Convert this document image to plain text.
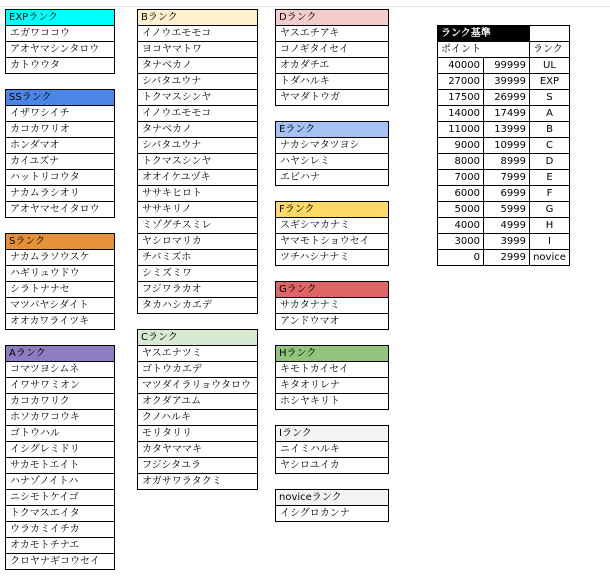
EXPランク
エガワココウ
アオヤマシンタロウ
カトウウタ
SSランク
イザワシイチ
カコカワリオ
ホンダマオ
カイユズナ
ハットリコウタ
ナカムラシオリ
アオヤマセイタロウ
Sランク
ナカムラソウスケ
ハギリュウドウ
シラトナナセ
マツバヤシダイト
オオカワライツキ
Aランク
コマツヨシムネ
イワサワミオン
カコカワリク
ホソカワコウキ
ゴトウハル
イシグレミドリ
サカモトエイト
ハナゾノイトハ
ニシモトケイゴ
トクマスエイタ
ウラカミイチカ
オカモトチナエ
クロヤナギコウセイ
Bランク
イノウエモモコ
ヨコヤマトワ
タナベカノ
シバタユウナ
トクマスシンヤ
イノウエモモコ
タナベカノ
シバタユウナ
トクマスシンヤ
オオイケユヅキ
ササキヒロト
ササキリノ
ミゾグチスミレ
ヤシロマリカ
チバミズホ
シミズミワ
フジワラカオ
タカハシカエデ
Cランク
ヤスエナツミ
ゴトウカエデ
マツダイラリョウタロウ
オクダアユム
クノハルキ
モリタリリ
カタヤママキ
フジシタユラ
オガサワラタクミ
Dランク
ヤスエチアキ
コノギタイセイ
オカダチエ
トダハルキ
ヤマダトウガ
Eランク
ナカシマタツヨシ
ハヤシレミ
エビハナ
Fランク
スギシマカナミ
ヤマモトショウセイ
ツチハシナナミ
Gランク
サカタナナミ
アンドウマオ
Hランク
キモトカイセイ
キタオリレナ
ホシヤキリト
Iランク
ニイミハルキ
ヤシロユイカ
noviceランク
イシグロカンナ
ランク基準		
ポイント		ランク
40000	99999	UL
27000	39999	EXP
17500	26999	S
14000	17499	A
11000	13999	B
9000	10999	C
8000	8999	D
7000	7999	E
6000	6999	F
5000	5999	G
4000	4999	H
3000	3999	I
0	2999	novice
